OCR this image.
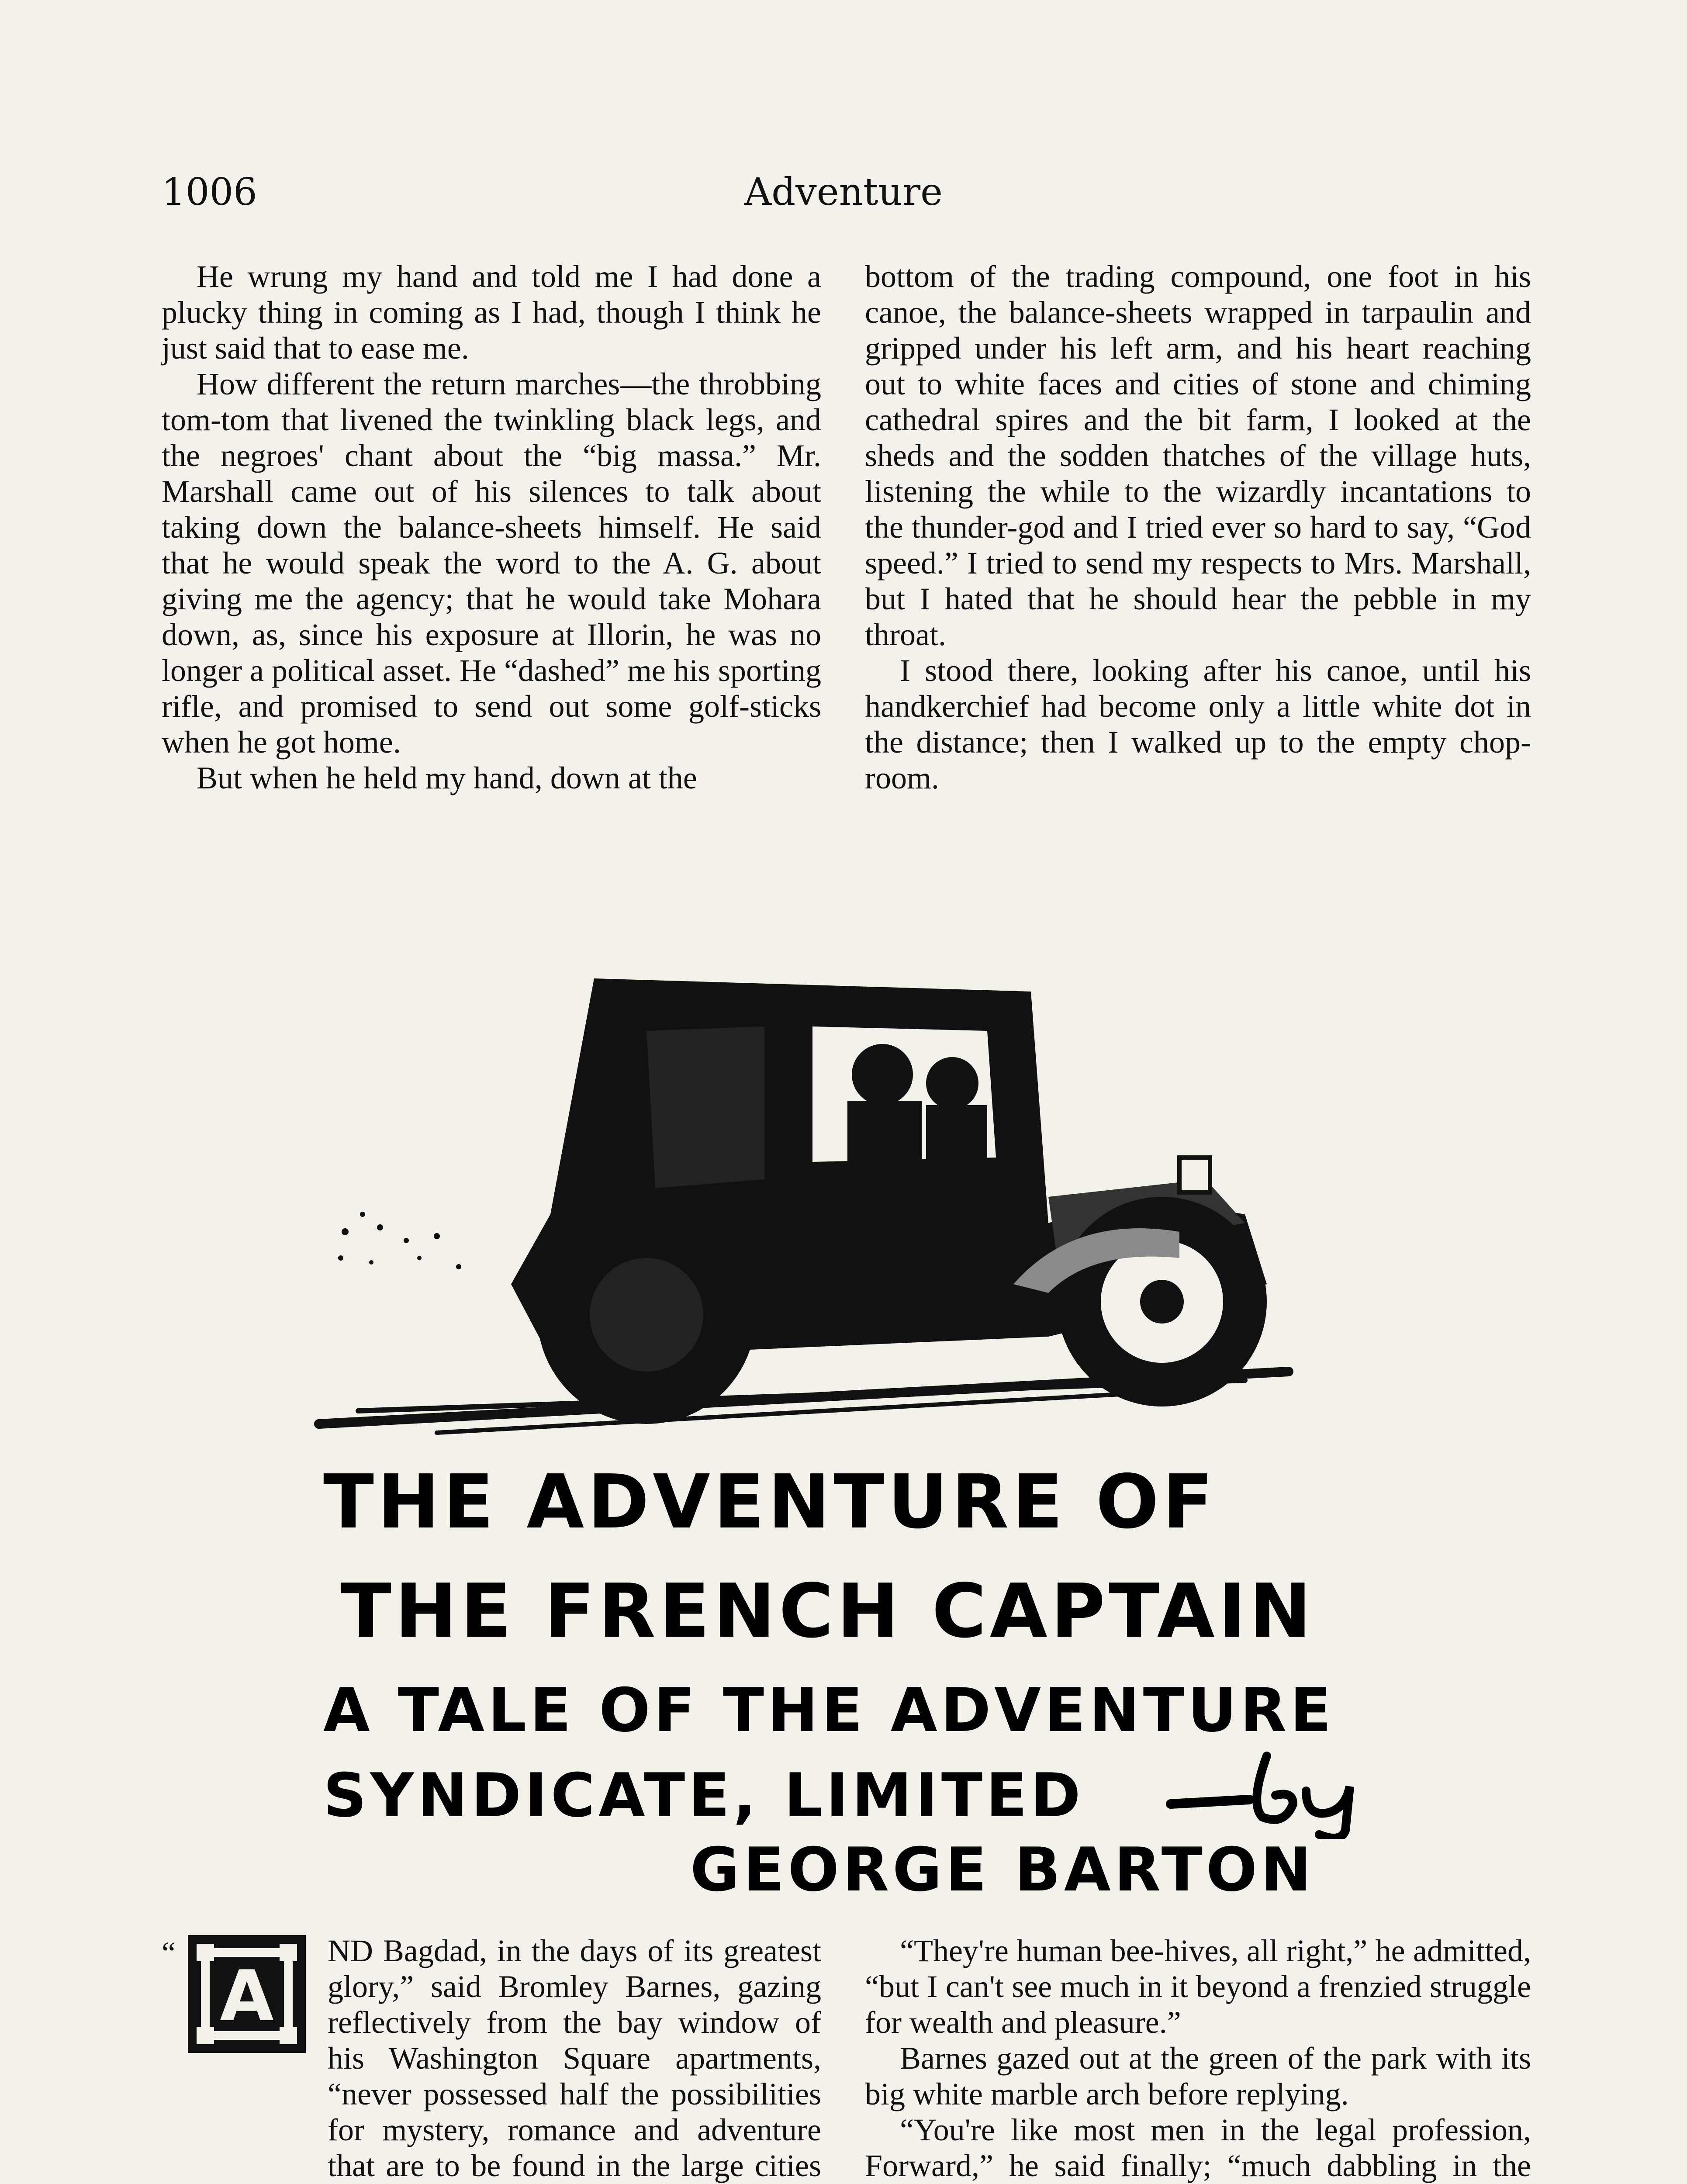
1006	Adventure

He wrung my hand and told me I had done a plucky thing in coming as I had, though I think he just said that to ease me.

How different the return marches—the throbbing tom-tom that livened the twinkling black legs, and the negroes' chant about the “big massa.” Mr. Marshall came out of his silences to talk about taking down the balance-sheets himself. He said that he would speak the word to the A. G. about giving me the agency; that he would take Mohara down, as, since his exposure at Illorin, he was no longer a political asset. He “dashed” me his sporting rifle, and promised to send out some golf-sticks when he got home.

But when he held my hand, down at the

bottom of the trading compound, one foot in his canoe, the balance-sheets wrapped in tarpaulin and gripped under his left arm, and his heart reaching out to white faces and cities of stone and chiming cathedral spires and the bit farm, I looked at the sheds and the sodden thatches of the village huts, listening the while to the wizardly incantations to the thunder-god and I tried ever so hard to say, “God speed.” I tried to send my respects to Mrs. Marshall, but I hated that he should hear the pebble in my throat.

I stood there, looking after his canoe, until his handkerchief had become only a little white dot in the distance; then I walked up to the empty chop-room.

THE ADVENTURE OF
THE FRENCH CAPTAIN
A TALE OF THE ADVENTURE
SYNDICATE, LIMITED
GEORGE BARTON
“
A

ND Bagdad, in the days of its greatest glory,” said Bromley Barnes, gazing reflectively from the bay window of his Washington Square apartments, “never possessed half the possibilities for mystery, romance and adventure that are to be found in the large cities

“They're human bee-hives, all right,” he admitted, “but I can't see much in it beyond a frenzied struggle for wealth and pleasure.”

Barnes gazed out at the green of the park with its big white marble arch before replying.

“You're like most men in the legal profession, Forward,” he said finally; “much dabbling in the
